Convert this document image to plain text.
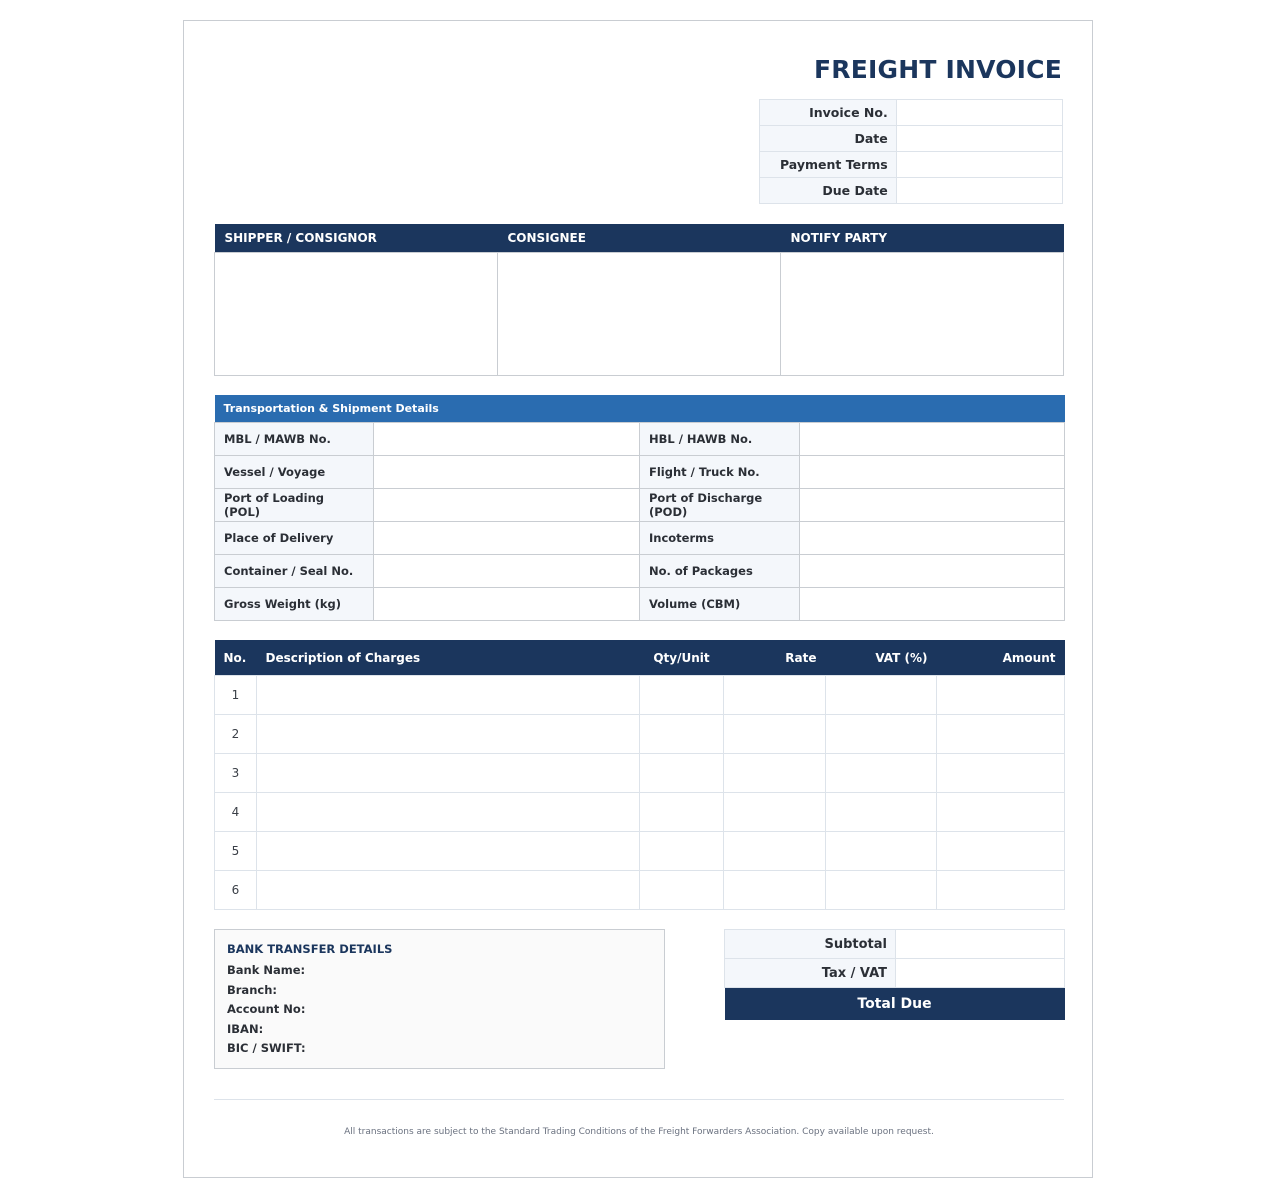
FREIGHT INVOICE
Invoice No.	
Date	
Payment Terms	
Due Date	
SHIPPER / CONSIGNOR	CONSIGNEE	NOTIFY PARTY

Transportation & Shipment Details			
MBL / MAWB No.		HBL / HAWB No.	
Vessel / Voyage		Flight / Truck No.	
Port of Loading (POL)		Port of Discharge (POD)	
Place of Delivery		Incoterms	
Container / Seal No.		No. of Packages	
Gross Weight (kg)		Volume (CBM)	
No.	Description of Charges	Qty/Unit	Rate	VAT (%)	Amount
1					
2					
3					
4					
5					
6					
BANK TRANSFER DETAILS
Bank Name:
Branch:
Account No:
IBAN:
BIC / SWIFT:
Subtotal	
Tax / VAT	
Total Due	
All transactions are subject to the Standard Trading Conditions of the Freight Forwarders Association. Copy available upon request.
